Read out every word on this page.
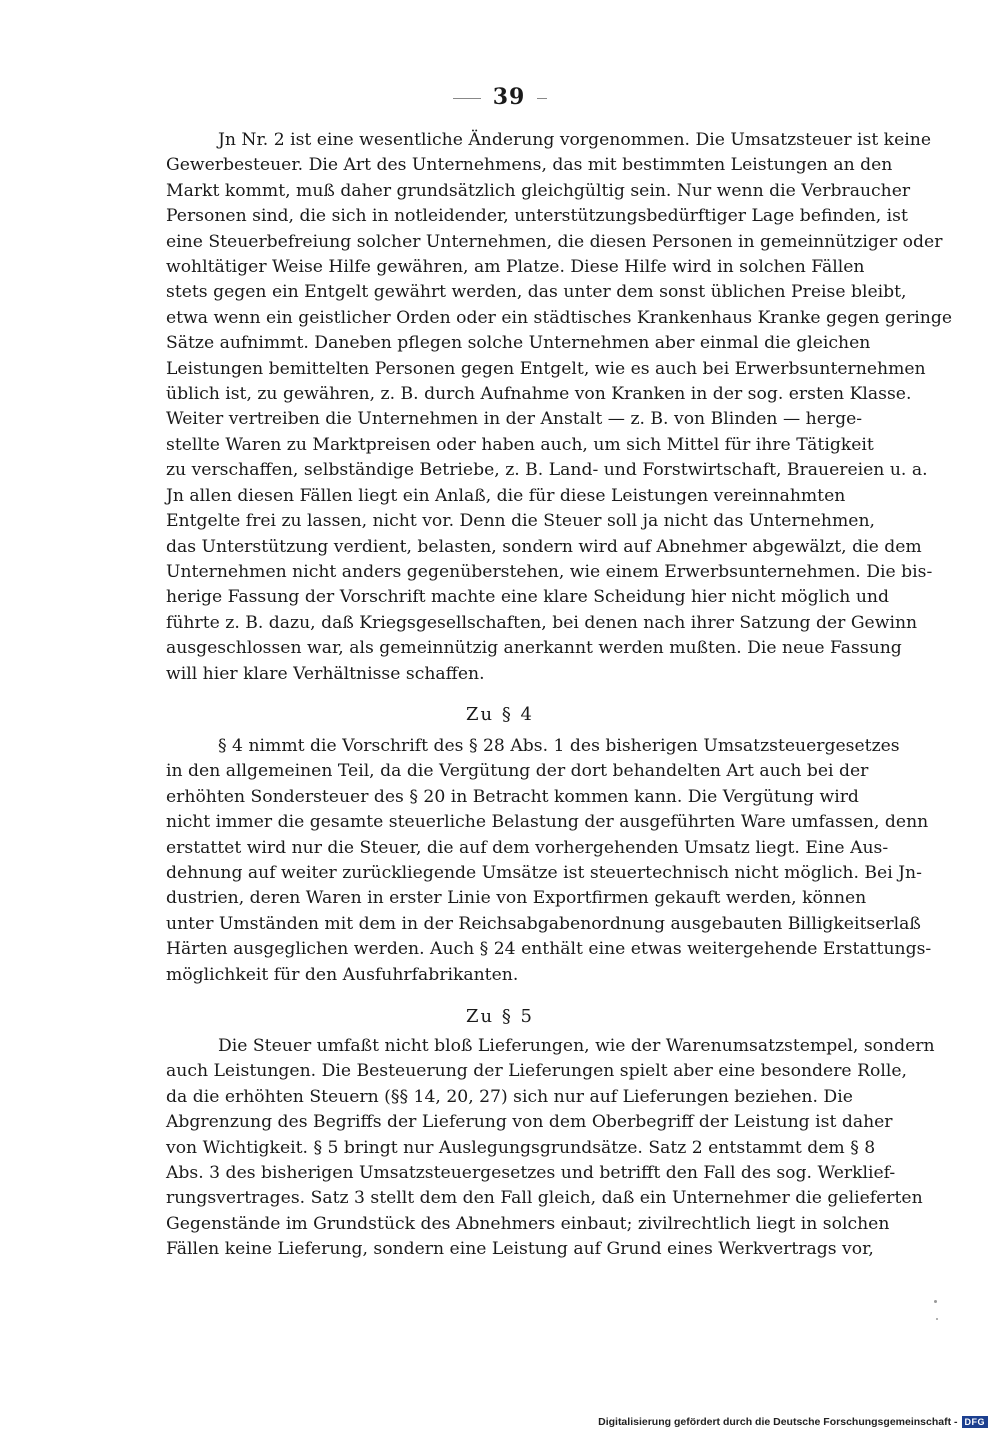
39
Jn Nr. 2 ist eine wesentliche Änderung vorgenommen. Die Umsatzsteuer ist keine
Gewerbesteuer. Die Art des Unternehmens, das mit bestimmten Leistungen an den
Markt kommt, muß daher grundsätzlich gleichgültig sein. Nur wenn die Verbraucher
Personen sind, die sich in notleidender, unterstützungsbedürftiger Lage befinden, ist
eine Steuerbefreiung solcher Unternehmen, die diesen Personen in gemeinnütziger oder
wohltätiger Weise Hilfe gewähren, am Platze. Diese Hilfe wird in solchen Fällen
stets gegen ein Entgelt gewährt werden, das unter dem sonst üblichen Preise bleibt,
etwa wenn ein geistlicher Orden oder ein städtisches Krankenhaus Kranke gegen geringe
Sätze aufnimmt. Daneben pflegen solche Unternehmen aber einmal die gleichen
Leistungen bemittelten Personen gegen Entgelt, wie es auch bei Erwerbsunternehmen
üblich ist, zu gewähren, z. B. durch Aufnahme von Kranken in der sog. ersten Klasse.
Weiter vertreiben die Unternehmen in der Anstalt — z. B. von Blinden — herge-
stellte Waren zu Marktpreisen oder haben auch, um sich Mittel für ihre Tätigkeit
zu verschaffen, selbständige Betriebe, z. B. Land- und Forstwirtschaft, Brauereien u. a.
Jn allen diesen Fällen liegt ein Anlaß, die für diese Leistungen vereinnahmten
Entgelte frei zu lassen, nicht vor. Denn die Steuer soll ja nicht das Unternehmen,
das Unterstützung verdient, belasten, sondern wird auf Abnehmer abgewälzt, die dem
Unternehmen nicht anders gegenüberstehen, wie einem Erwerbsunternehmen. Die bis-
herige Fassung der Vorschrift machte eine klare Scheidung hier nicht möglich und
führte z. B. dazu, daß Kriegsgesellschaften, bei denen nach ihrer Satzung der Gewinn
ausgeschlossen war, als gemeinnützig anerkannt werden mußten. Die neue Fassung
will hier klare Verhältnisse schaffen.
Zu § 4
§ 4 nimmt die Vorschrift des § 28 Abs. 1 des bisherigen Umsatzsteuergesetzes
in den allgemeinen Teil, da die Vergütung der dort behandelten Art auch bei der
erhöhten Sondersteuer des § 20 in Betracht kommen kann. Die Vergütung wird
nicht immer die gesamte steuerliche Belastung der ausgeführten Ware umfassen, denn
erstattet wird nur die Steuer, die auf dem vorhergehenden Umsatz liegt. Eine Aus-
dehnung auf weiter zurückliegende Umsätze ist steuertechnisch nicht möglich. Bei Jn-
dustrien, deren Waren in erster Linie von Exportfirmen gekauft werden, können
unter Umständen mit dem in der Reichsabgabenordnung ausgebauten Billigkeitserlaß
Härten ausgeglichen werden. Auch § 24 enthält eine etwas weitergehende Erstattungs-
möglichkeit für den Ausfuhrfabrikanten.
Zu § 5
Die Steuer umfaßt nicht bloß Lieferungen, wie der Warenumsatzstempel, sondern
auch Leistungen. Die Besteuerung der Lieferungen spielt aber eine besondere Rolle,
da die erhöhten Steuern (§§ 14, 20, 27) sich nur auf Lieferungen beziehen. Die
Abgrenzung des Begriffs der Lieferung von dem Oberbegriff der Leistung ist daher
von Wichtigkeit. § 5 bringt nur Auslegungsgrundsätze. Satz 2 entstammt dem § 8
Abs. 3 des bisherigen Umsatzsteuergesetzes und betrifft den Fall des sog. Werklief-
rungsvertrages. Satz 3 stellt dem den Fall gleich, daß ein Unternehmer die gelieferten
Gegenstände im Grundstück des Abnehmers einbaut; zivilrechtlich liegt in solchen
Fällen keine Lieferung, sondern eine Leistung auf Grund eines Werkvertrags vor,
Digitalisierung gefördert durch die Deutsche Forschungsgemeinschaft - DFG
